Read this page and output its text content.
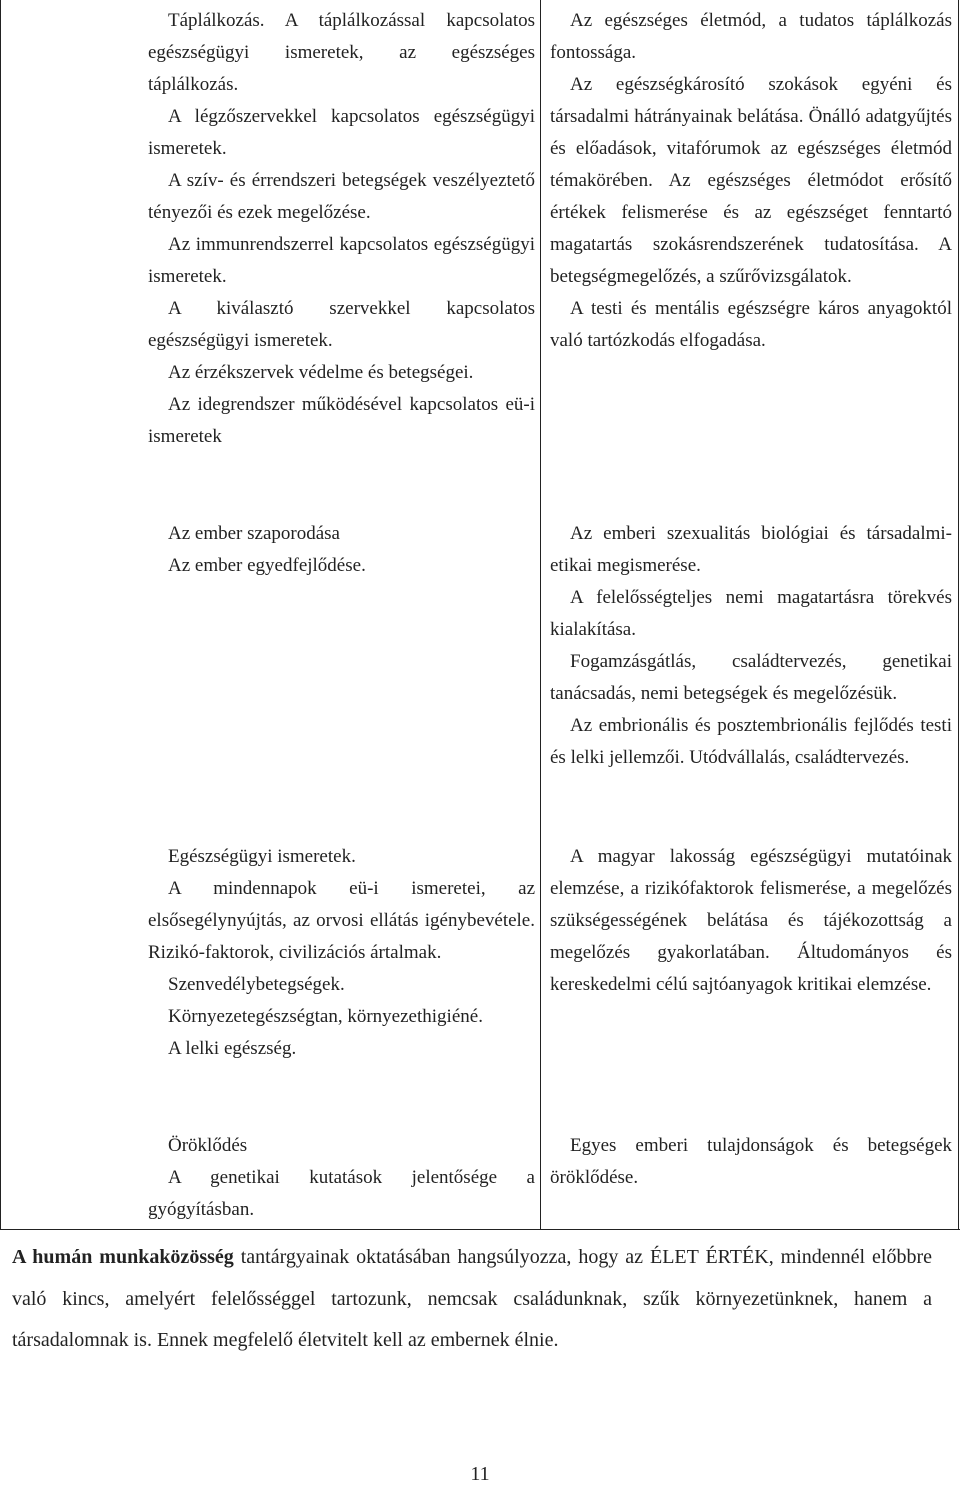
Táplálkozás. A táplálkozással kapcsolatos egészségügyi ismeretek, az egészséges táplálkozás.

A légzőszervekkel kapcsolatos egészségügyi ismeretek.

A szív- és érrendszeri betegségek veszélyeztető tényezői és ezek megelőzése.

Az immunrendszerrel kapcsolatos egészségügyi ismeretek.

A kiválasztó szervekkel kapcsolatos egészségügyi ismeretek.

Az érzékszervek védelme és betegségei.

Az idegrendszer működésével kapcsolatos eü-i ismeretek

Az egészséges életmód, a tudatos táplálkozás fontossága.

Az egészségkárosító szokások egyéni és társadalmi hátrányainak belátása. Önálló adatgyűjtés és előadások, vitafórumok az egészséges életmód témakörében. Az egészséges életmódot erősítő értékek felismerése és az egészséget fenntartó magatartás szokásrendszerének tudatosítása. A betegségmegelőzés, a szűrővizsgálatok.

A testi és mentális egészségre káros anyagoktól való tartózkodás elfogadása.

Az ember szaporodása

Az ember egyedfejlődése.

Az emberi szexualitás biológiai és társadalmi-etikai megismerése.

A felelősségteljes nemi magatartásra törekvés kialakítása.

Fogamzásgátlás, családtervezés, genetikai tanácsadás, nemi betegségek és megelőzésük.

Az embrionális és posztembrionális fejlődés testi és lelki jellemzői. Utódvállalás, családtervezés.

Egészségügyi ismeretek.

A mindennapok eü-i ismeretei, az elsősegélynyújtás, az orvosi ellátás igénybevétele. Rizikó-faktorok, civilizációs ártalmak.

Szenvedélybetegségek.

Környezetegészségtan, környezethigiéné.

A lelki egészség.

A magyar lakosság egészségügyi mutatóinak elemzése, a rizikófaktorok felismerése, a megelőzés szükségességének belátása és tájékozottság a megelőzés gyakorlatában. Áltudományos és kereskedelmi célú sajtóanyagok kritikai elemzése.

Öröklődés

A genetikai kutatások jelentősége a gyógyításban.

Egyes emberi tulajdonságok és betegségek öröklődése.

A humán munkaközösség tantárgyainak oktatásában hangsúlyozza, hogy az ÉLET ÉRTÉK, mindennél előbbre való kincs, amelyért felelősséggel tartozunk, nemcsak családunknak, szűk környezetünknek, hanem a társadalomnak is. Ennek megfelelő életvitelt kell az embernek élnie.

11
